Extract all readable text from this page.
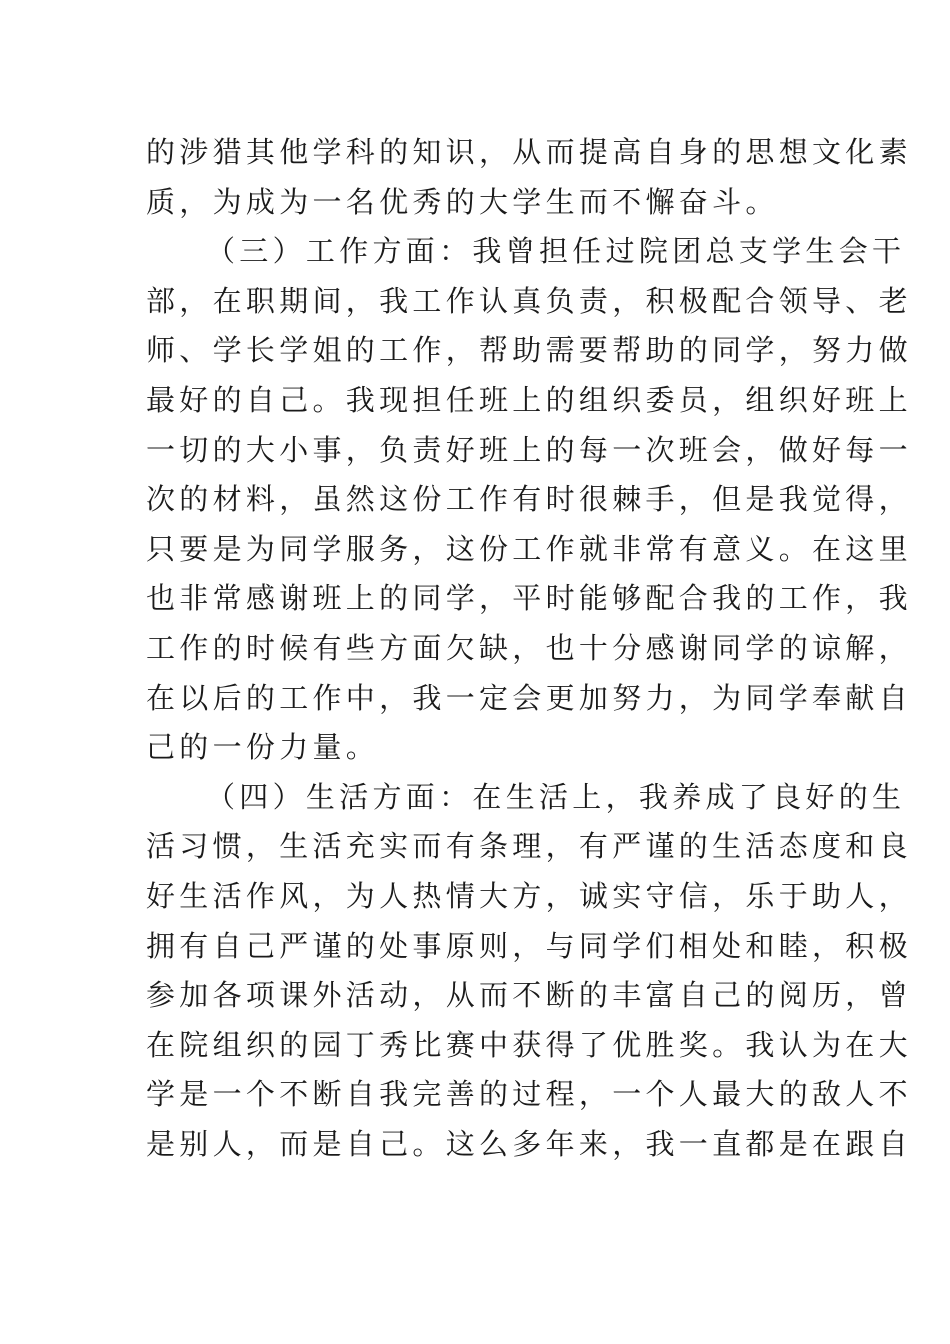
的涉猎其他学科的知识，从而提高自身的思想文化素
质，为成为一名优秀的大学生而不懈奋斗。
（三）工作方面：我曾担任过院团总支学生会干
部，在职期间，我工作认真负责，积极配合领导、老
师、学长学姐的工作，帮助需要帮助的同学，努力做
最好的自己。我现担任班上的组织委员，组织好班上
一切的大小事，负责好班上的每一次班会，做好每一
次的材料，虽然这份工作有时很棘手，但是我觉得，
只要是为同学服务，这份工作就非常有意义。在这里
也非常感谢班上的同学，平时能够配合我的工作，我
工作的时候有些方面欠缺，也十分感谢同学的谅解，
在以后的工作中，我一定会更加努力，为同学奉献自
己的一份力量。
（四）生活方面：在生活上，我养成了良好的生
活习惯，生活充实而有条理，有严谨的生活态度和良
好生活作风，为人热情大方，诚实守信，乐于助人，
拥有自己严谨的处事原则，与同学们相处和睦，积极
参加各项课外活动，从而不断的丰富自己的阅历，曾
在院组织的园丁秀比赛中获得了优胜奖。我认为在大
学是一个不断自我完善的过程，一个人最大的敌人不
是别人，而是自己。这么多年来，我一直都是在跟自
